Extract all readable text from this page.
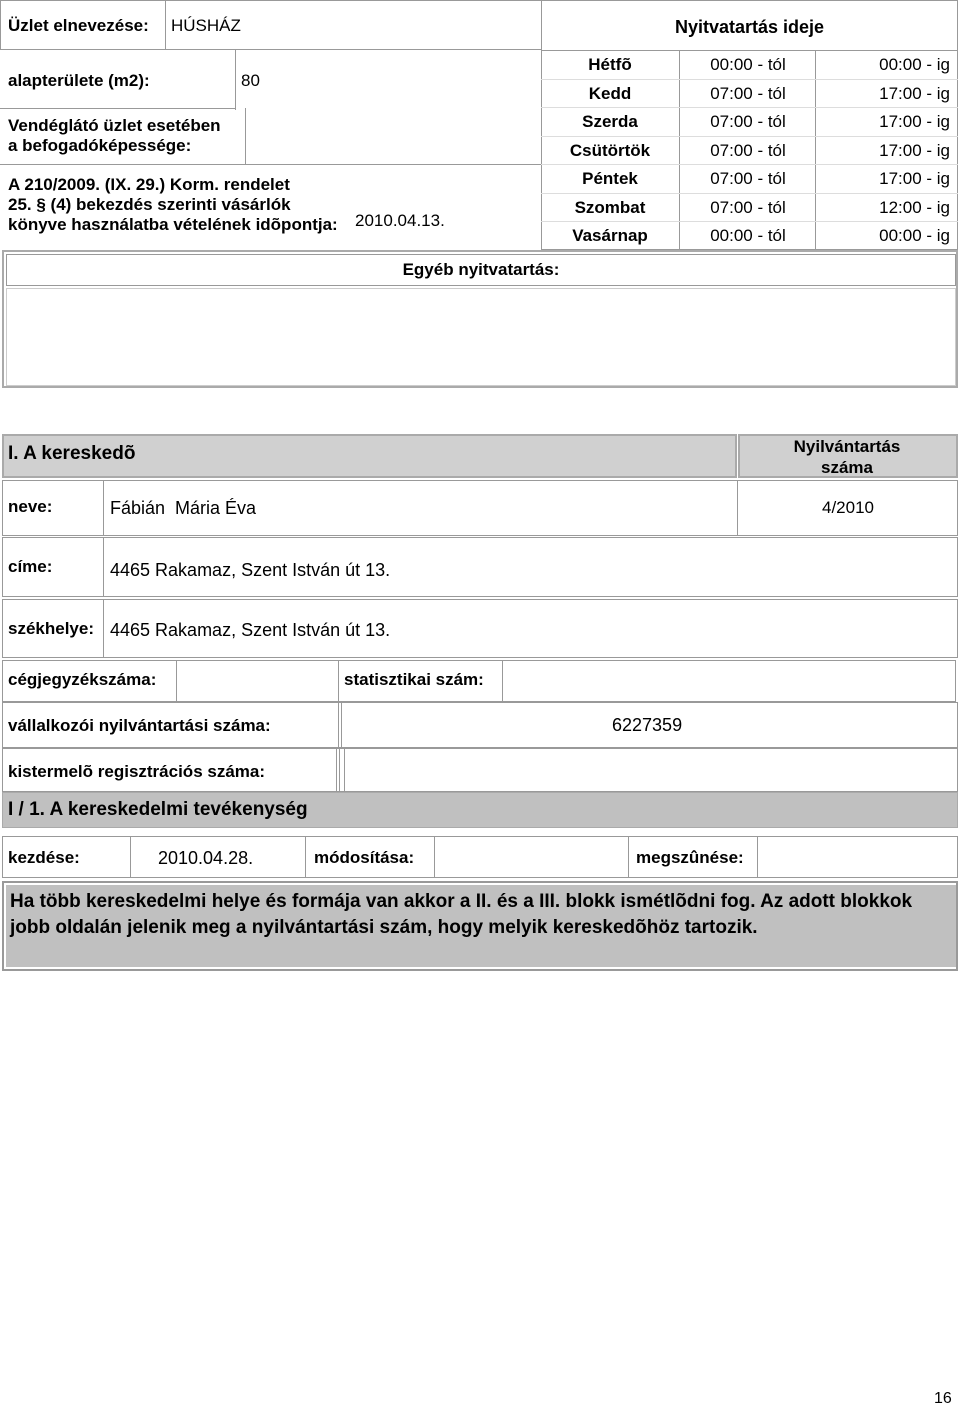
Üzlet elnevezése: HÚSHÁZ
alapterülete (m2):	80
Vendéglátó üzlet esetében
a befogadóképessége:
A 210/2009. (IX. 29.) Korm. rendelet
25. § (4) bekezdés szerinti vásárlók
könyve használatba vételének idõpontja: 2010.04.13.
Nyitvatartás ideje
Hétfõ	00:00 - tól	00:00 - ig
Kedd	07:00 - tól	17:00 - ig
Szerda	07:00 - tól	17:00 - ig
Csütörtök	07:00 - tól	17:00 - ig
Péntek	07:00 - tól	17:00 - ig
Szombat	07:00 - tól	12:00 - ig
Vasárnap	00:00 - tól	00:00 - ig
Egyéb nyitvatartás:
I. A kereskedõ	Nyilvántartás száma
neve:	Fábián  Mária Éva	4/2010
címe:	4465 Rakamaz, Szent István út 13.
székhelye: 4465 Rakamaz, Szent István út 13.
cégjegyzékszáma:	statisztikai szám:
vállalkozói nyilvántartási száma:	6227359
kistermelõ regisztrációs száma:
I / 1. A kereskedelmi tevékenység
kezdése:	2010.04.28.	módosítása:	megszûnése:
Ha több kereskedelmi helye és formája van akkor a II. és a III. blokk ismétlõdni fog. Az adott blokkok jobb oldalán jelenik meg a nyilvántartási szám, hogy melyik kereskedõhöz tartozik.
16
